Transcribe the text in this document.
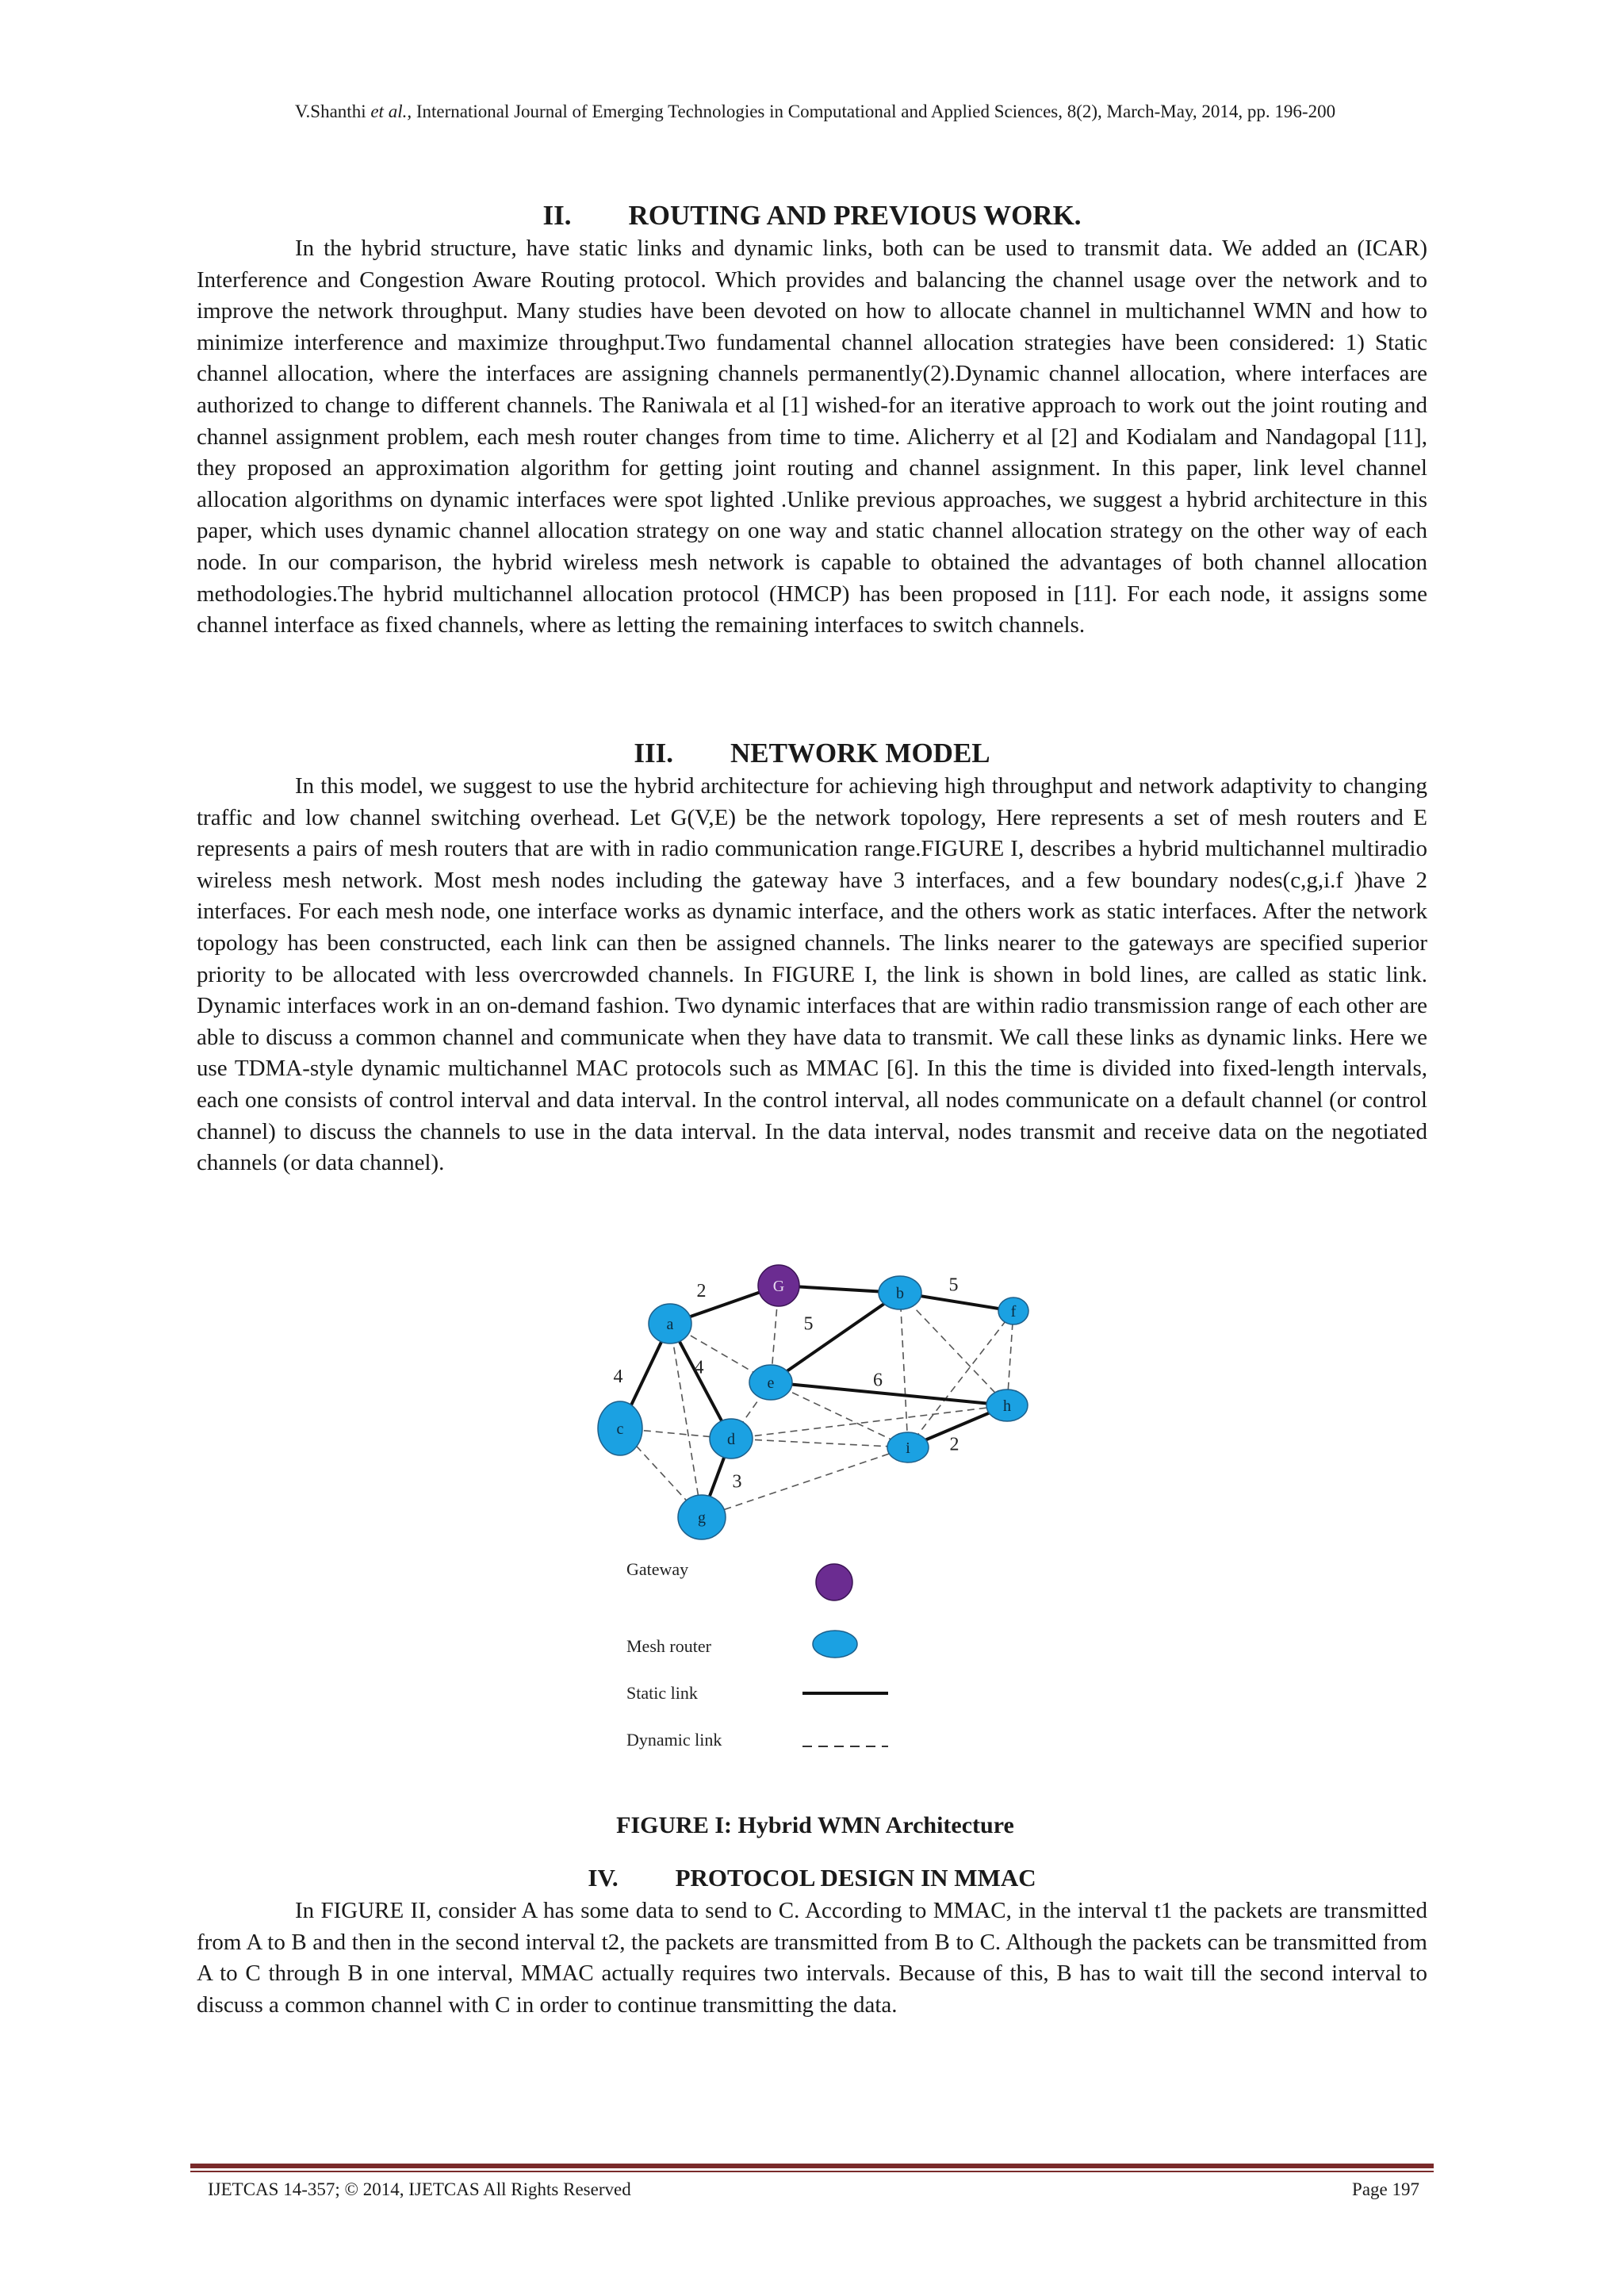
V.Shanthi et al., International Journal of Emerging Technologies in Computational and Applied Sciences, 8(2), March-May, 2014, pp. 196-200
II. ROUTING AND PREVIOUS WORK.

In the hybrid structure, have static links and dynamic links, both can be used to transmit data. We added an (ICAR) Interference and Congestion Aware Routing protocol. Which provides and balancing the channel usage over the network and to improve the network throughput. Many studies have been devoted on how to allocate channel in multichannel WMN and how to minimize interference and maximize throughput.Two fundamental channel allocation strategies have been considered: 1) Static channel allocation, where the interfaces are assigning channels permanently(2).Dynamic channel allocation, where interfaces are authorized to change to different channels. The Raniwala et al [1] wished-for an iterative approach to work out the joint routing and channel assignment problem, each mesh router changes from time to time. Alicherry et al [2] and Kodialam and Nandagopal [11], they proposed an approximation algorithm for getting joint routing and channel assignment. In this paper, link level channel allocation algorithms on dynamic interfaces were spot lighted .Unlike previous approaches, we suggest a hybrid architecture in this paper, which uses dynamic channel allocation strategy on one way and static channel allocation strategy on the other way of each node. In our comparison, the hybrid wireless mesh network is capable to obtained the advantages of both channel allocation methodologies.The hybrid multichannel allocation protocol (HMCP) has been proposed in [11]. For each node, it assigns some channel interface as fixed channels, where as letting the remaining interfaces to switch channels.

III. NETWORK MODEL

In this model, we suggest to use the hybrid architecture for achieving high throughput and network adaptivity to changing traffic and low channel switching overhead. Let G(V,E) be the network topology, Here represents a set of mesh routers and E represents a pairs of mesh routers that are with in radio communication range.FIGURE I, describes a hybrid multichannel multiradio wireless mesh network. Most mesh nodes including the gateway have 3 interfaces, and a few boundary nodes(c,g,i.f )have 2 interfaces. For each mesh node, one interface works as dynamic interface, and the others work as static interfaces. After the network topology has been constructed, each link can then be assigned channels. The links nearer to the gateways are specified superior priority to be allocated with less overcrowded channels. In FIGURE I, the link is shown in bold lines, are called as static link. Dynamic interfaces work in an on-demand fashion. Two dynamic interfaces that are within radio transmission range of each other are able to discuss a common channel and communicate when they have data to transmit. We call these links as dynamic links. Here we use TDMA-style dynamic multichannel MAC protocols such as MMAC [6]. In this the time is divided into fixed-length intervals, each one consists of control interval and data interval. In the control interval, all nodes communicate on a default channel (or control channel) to discuss the channels to use in the data interval. In the data interval, nodes transmit and receive data on the negotiated channels (or data channel).

2	5
4	4
5
6
2
3
G	b
f
a
e
h
c
d	i
g
Gateway
Mesh router
Static link
Dynamic link
FIGURE I: Hybrid WMN Architecture
IV. PROTOCOL DESIGN IN MMAC

In FIGURE II, consider A has some data to send to C. According to MMAC, in the interval t1 the packets are transmitted from A to B and then in the second interval t2, the packets are transmitted from B to C. Although the packets can be transmitted from A to C through B in one interval, MMAC actually requires two intervals. Because of this, B has to wait till the second interval to discuss a common channel with C in order to continue transmitting the data.

IJETCAS 14-357; © 2014, IJETCAS All Rights Reserved	Page 197
